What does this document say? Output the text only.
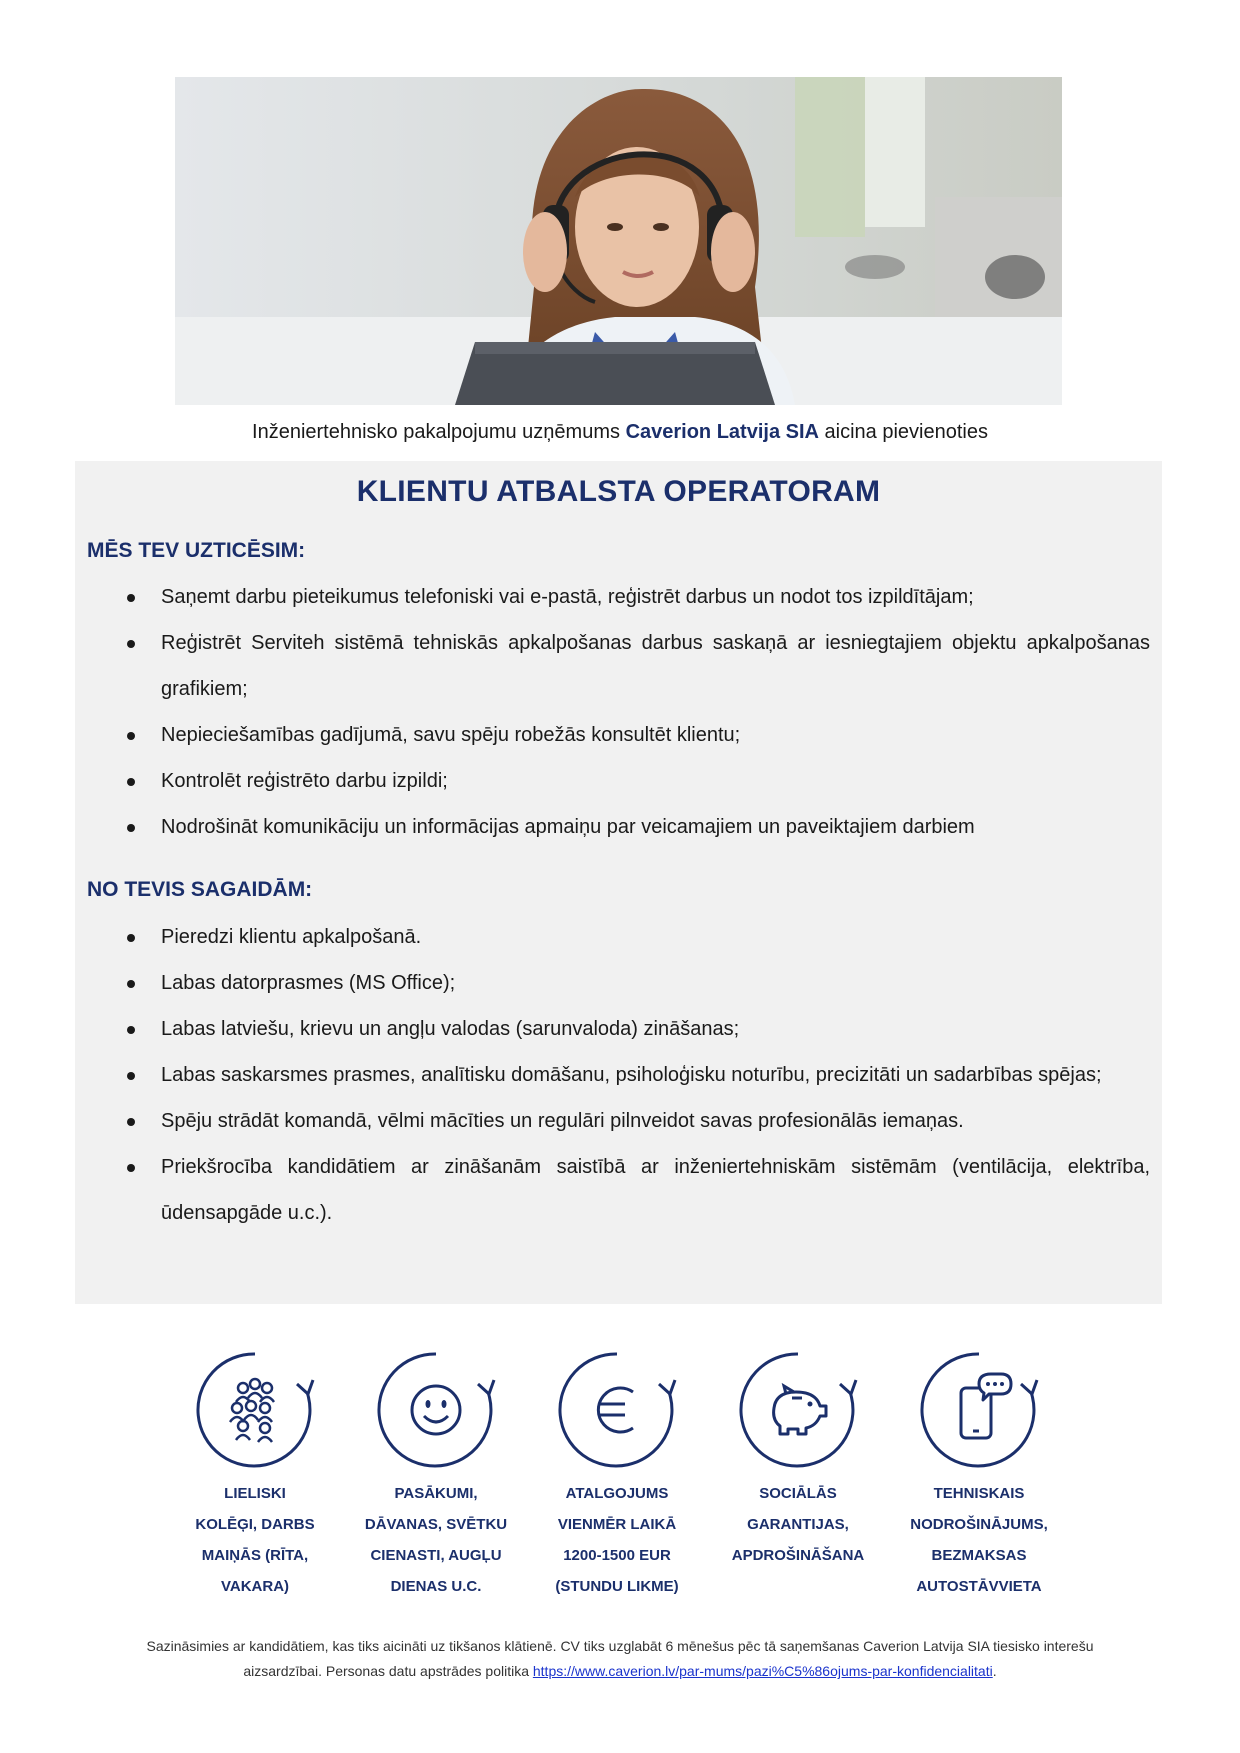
Inženiertehnisko pakalpojumu uzņēmums Caverion Latvija SIA aicina pievienoties
KLIENTU ATBALSTA OPERATORAM
MĒS TEV UZTICĒSIM:
Saņemt darbu pieteikumus telefoniski vai e-pastā, reģistrēt darbus un nodot tos izpildītājam;
Reģistrēt Serviteh sistēmā tehniskās apkalpošanas darbus saskaņā ar iesniegtajiem objektu apkalpošanas grafikiem;
Nepieciešamības gadījumā, savu spēju robežās konsultēt klientu;
Kontrolēt reģistrēto darbu izpildi;
Nodrošināt komunikāciju un informācijas apmaiņu par veicamajiem un paveiktajiem darbiem
NO TEVIS SAGAIDĀM:
Pieredzi klientu apkalpošanā.
Labas datorprasmes (MS Office);
Labas latviešu, krievu un angļu valodas (sarunvaloda) zināšanas;
Labas saskarsmes prasmes, analītisku domāšanu, psiholoģisku noturību, precizitāti un sadarbības spējas;
Spēju strādāt komandā, vēlmi mācīties un regulāri pilnveidot savas profesionālās iemaņas.
Priekšrocība kandidātiem ar zināšanām saistībā ar inženiertehniskām sistēmām (ventilācija, elektrība, ūdensapgāde u.c.).
LIELISKI
KOLĒĢI, DARBS
MAIŅĀS (RĪTA,
VAKARA)
PASĀKUMI,
DĀVANAS, SVĒTKU
CIENASTI, AUGĻU
DIENAS U.C.
ATALGOJUMS
VIENMĒR LAIKĀ
1200-1500 EUR
(STUNDU LIKME)
SOCIĀLĀS
GARANTIJAS,
APDROŠINĀŠANA
TEHNISKAIS
NODROŠINĀJUMS,
BEZMAKSAS
AUTOSTĀVVIETA
Sazināsimies ar kandidātiem, kas tiks aicināti uz tikšanos klātienē. CV tiks uzglabāt 6 mēnešus pēc tā saņemšanas Caverion Latvija SIA tiesisko interešu
aizsardzībai. Personas datu apstrādes politika https://www.caverion.lv/par-mums/pazi%C5%86ojums-par-konfidencialitati.
